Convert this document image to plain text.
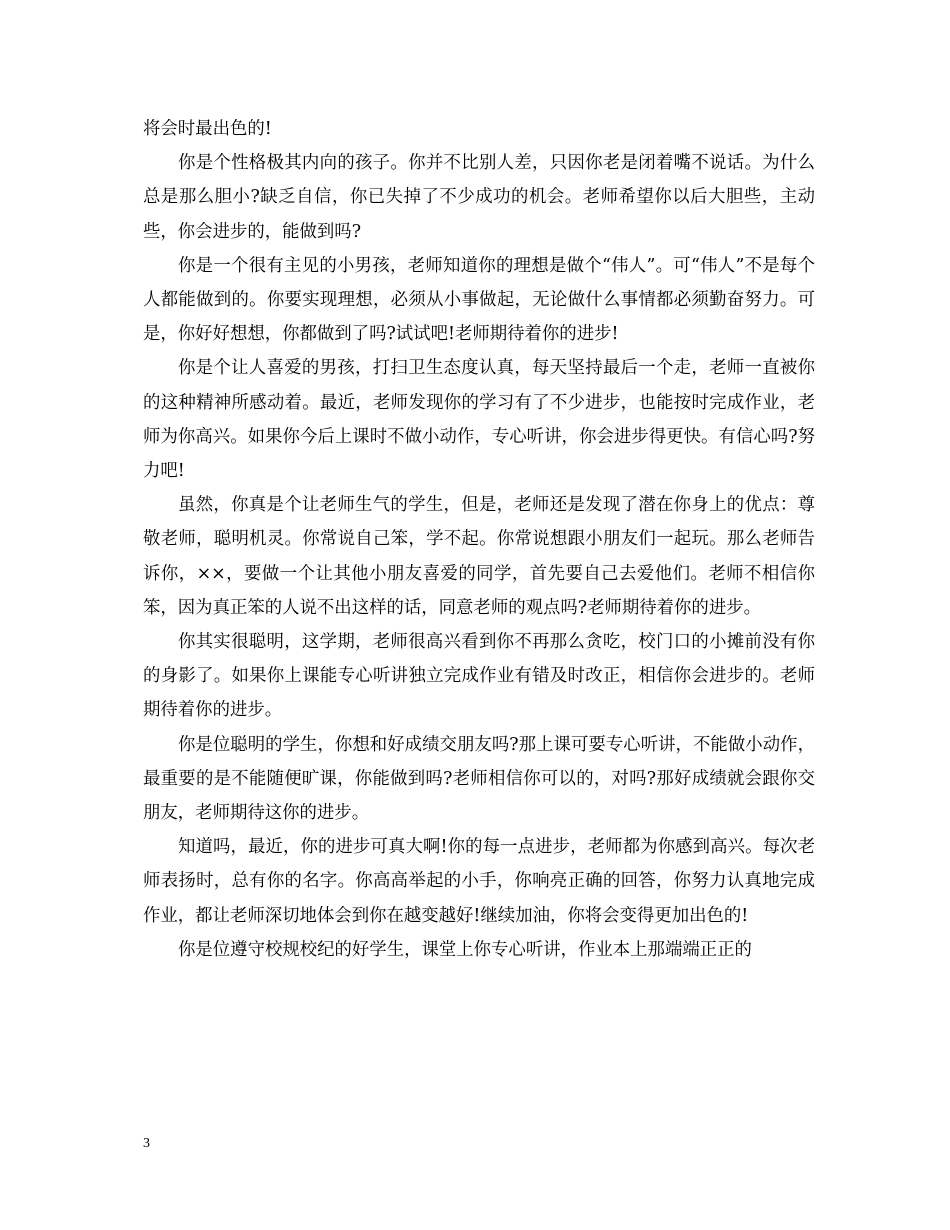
将会时最出色的!

你是个性格极其内向的孩子。你并不比别人差，只因你老是闭着嘴不说话。为什么总是那么胆小?缺乏自信，你已失掉了不少成功的机会。老师希望你以后大胆些，主动些，你会进步的，能做到吗?

你是一个很有主见的小男孩，老师知道你的理想是做个“伟人”。可“伟人”不是每个人都能做到的。你要实现理想，必须从小事做起，无论做什么事情都必须勤奋努力。可是，你好好想想，你都做到了吗?试试吧!老师期待着你的进步!

你是个让人喜爱的男孩，打扫卫生态度认真，每天坚持最后一个走，老师一直被你的这种精神所感动着。最近，老师发现你的学习有了不少进步，也能按时完成作业，老师为你高兴。如果你今后上课时不做小动作，专心听讲，你会进步得更快。有信心吗?努力吧!

虽然，你真是个让老师生气的学生，但是，老师还是发现了潜在你身上的优点：尊敬老师，聪明机灵。你常说自己笨，学不起。你常说想跟小朋友们一起玩。那么老师告诉你，××，要做一个让其他小朋友喜爱的同学，首先要自己去爱他们。老师不相信你笨，因为真正笨的人说不出这样的话，同意老师的观点吗?老师期待着你的进步。

你其实很聪明，这学期，老师很高兴看到你不再那么贪吃，校门口的小摊前没有你的身影了。如果你上课能专心听讲独立完成作业有错及时改正，相信你会进步的。老师期待着你的进步。

你是位聪明的学生，你想和好成绩交朋友吗?那上课可要专心听讲，不能做小动作，最重要的是不能随便旷课，你能做到吗?老师相信你可以的，对吗?那好成绩就会跟你交朋友，老师期待这你的进步。

知道吗，最近，你的进步可真大啊!你的每一点进步，老师都为你感到高兴。每次老师表扬时，总有你的名字。你高高举起的小手，你响亮正确的回答，你努力认真地完成作业，都让老师深切地体会到你在越变越好!继续加油，你将会变得更加出色的!

你是位遵守校规校纪的好学生，课堂上你专心听讲，作业本上那端端正正的

3
